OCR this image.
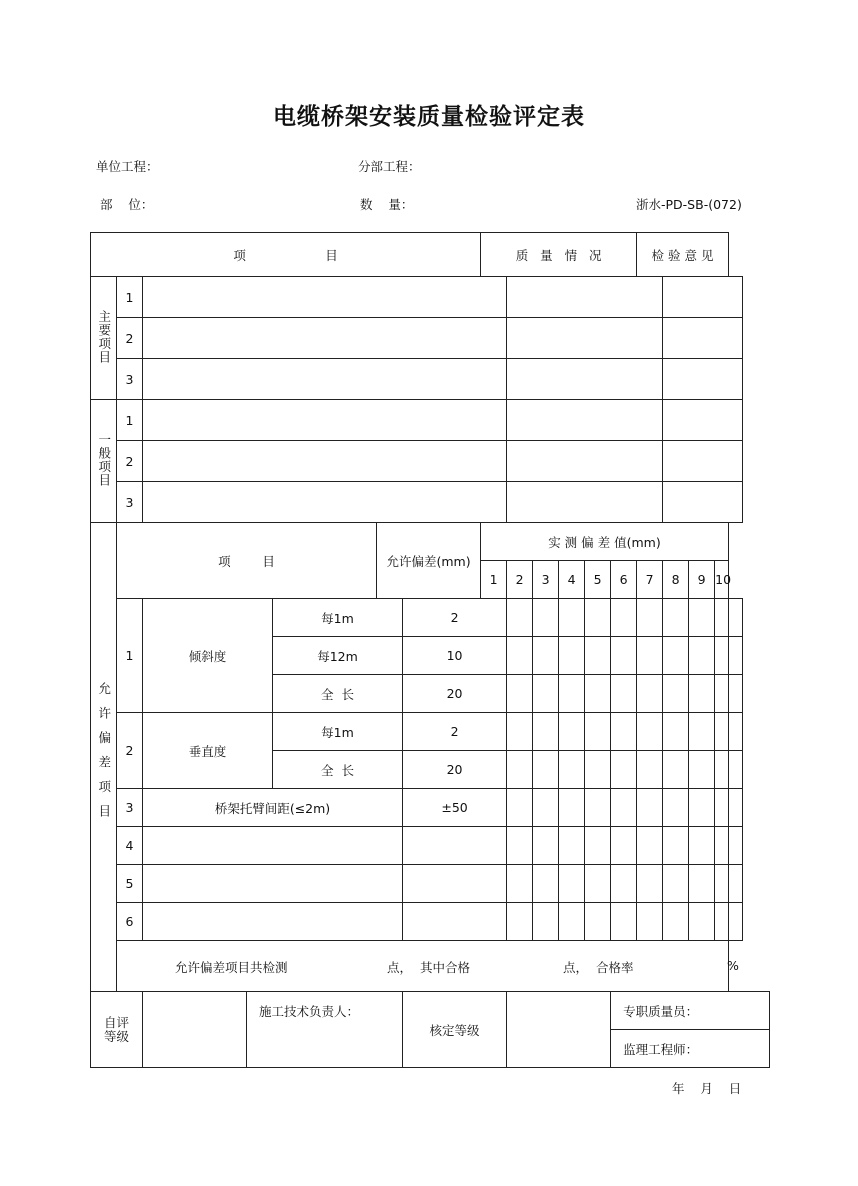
电缆桥架安装质量检验评定表
单位工程：	分部工程：
部    位：	数    量：	浙水-PD-SB-(072)
项                    目							质   量   情   况						检 验 意 见				
主要项目	1																
	2																
	3																
一般项目	1																
	2																
	3																
允许偏差项目	项        目				允许偏差(mm)		实 测 偏 差 值(mm)										
							1	2	3	4	5	6	7	8	9	10	
	1	倾斜度		每1m		2											
				每12m		10											
				全  长		20											
	2	垂直度		每1m		2											
				全  长		20											
	3	桥架托臂间距(≤2m)				±50											
	4																
	5																
	6																

	允许偏差项目共检测 点，  其中合格 点，  合格率 %																

自评等级			施工技术负责人：			核定等级						专职质量员：					
												监理工程师：					
年    月    日
